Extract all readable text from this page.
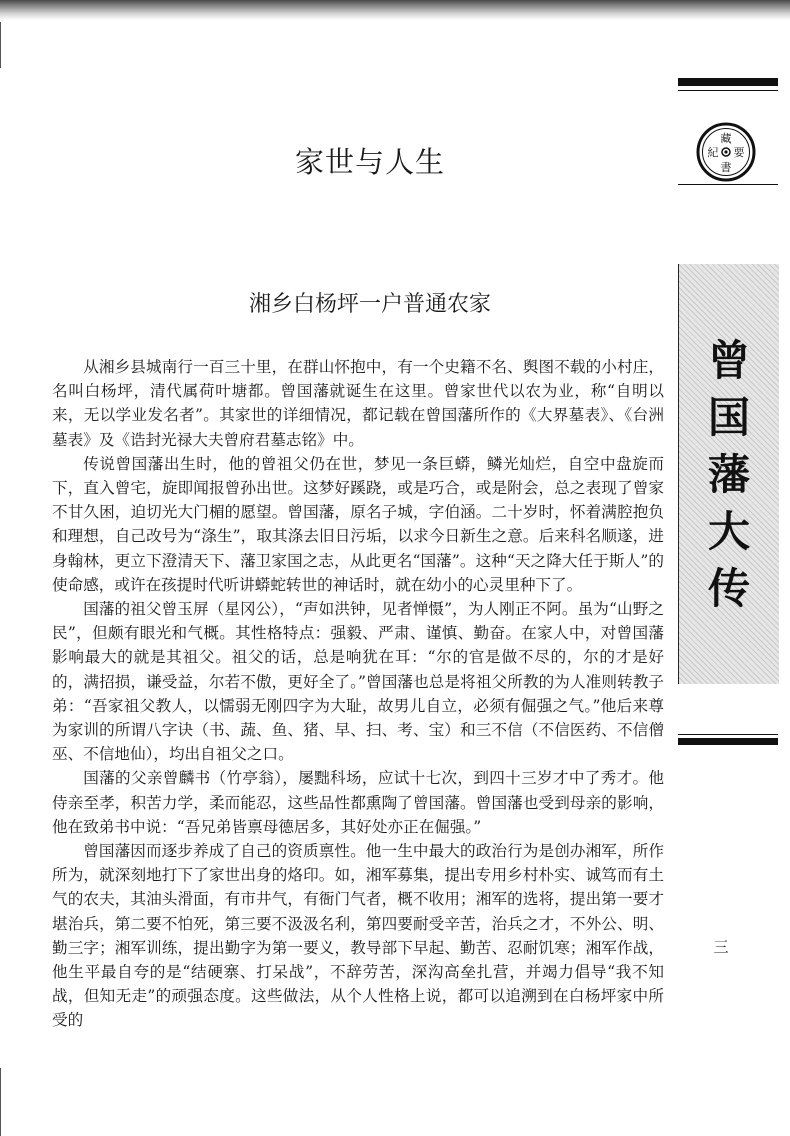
家世与人生
湘乡白杨坪一户普通农家

从湘乡县城南行一百三十里，在群山怀抱中，有一个史籍不名、舆图不载的小村庄，名叫白杨坪，清代属荷叶塘都。曾国藩就诞生在这里。曾家世代以农为业，称“自明以来，无以学业发名者”。其家世的详细情况，都记载在曾国藩所作的《大界墓表》、《台洲墓表》及《诰封光禄大夫曾府君墓志铭》中。

传说曾国藩出生时，他的曾祖父仍在世，梦见一条巨蟒，鳞光灿烂，自空中盘旋而下，直入曾宅，旋即闻报曾孙出世。这梦好蹊跷，或是巧合，或是附会，总之表现了曾家不甘久困，迫切光大门楣的愿望。曾国藩，原名子城，字伯涵。二十岁时，怀着满腔抱负和理想，自己改号为“涤生”，取其涤去旧日污垢，以求今日新生之意。后来科名顺遂，进身翰林，更立下澄清天下、藩卫家国之志，从此更名“国藩”。这种“天之降大任于斯人”的使命感，或许在孩提时代听讲蟒蛇转世的神话时，就在幼小的心灵里种下了。

国藩的祖父曾玉屏（星冈公），“声如洪钟，见者惮慑”，为人刚正不阿。虽为“山野之民”，但颇有眼光和气概。其性格特点：强毅、严肃、谨慎、勤奋。在家人中，对曾国藩影响最大的就是其祖父。祖父的话，总是响犹在耳：“尔的官是做不尽的，尔的才是好的，满招损，谦受益，尔若不傲，更好全了。”曾国藩也总是将祖父所教的为人准则转教子弟：“吾家祖父教人，以懦弱无刚四字为大耻，故男儿自立，必须有倔强之气。”他后来尊为家训的所谓八字诀（书、蔬、鱼、猪、早、扫、考、宝）和三不信（不信医药、不信僧巫、不信地仙），均出自祖父之口。

国藩的父亲曾麟书（竹亭翁），屡黜科场，应试十七次，到四十三岁才中了秀才。他侍亲至孝，积苦力学，柔而能忍，这些品性都熏陶了曾国藩。曾国藩也受到母亲的影响，他在致弟书中说：“吾兄弟皆禀母德居多，其好处亦正在倔强。”

曾国藩因而逐步养成了自己的资质禀性。他一生中最大的政治行为是创办湘军，所作所为，就深刻地打下了家世出身的烙印。如，湘军募集，提出专用乡村朴实、诚笃而有土气的农夫，其油头滑面，有市井气，有衙门气者，概不收用；湘军的选将，提出第一要才堪治兵，第二要不怕死，第三要不汲汲名利，第四要耐受辛苦，治兵之才，不外公、明、勤三字；湘军训练，提出勤字为第一要义，教导部下早起、勤苦、忍耐饥寒；湘军作战，他生平最自夸的是“结硬寨、打呆战”，不辞劳苦，深沟高垒扎营，并竭力倡导“我不知战，但知无走”的顽强态度。这些做法，从个人性格上说，都可以追溯到在白杨坪家中所受的

藏
要
書
紀
曾
国
藩
大
传
三
